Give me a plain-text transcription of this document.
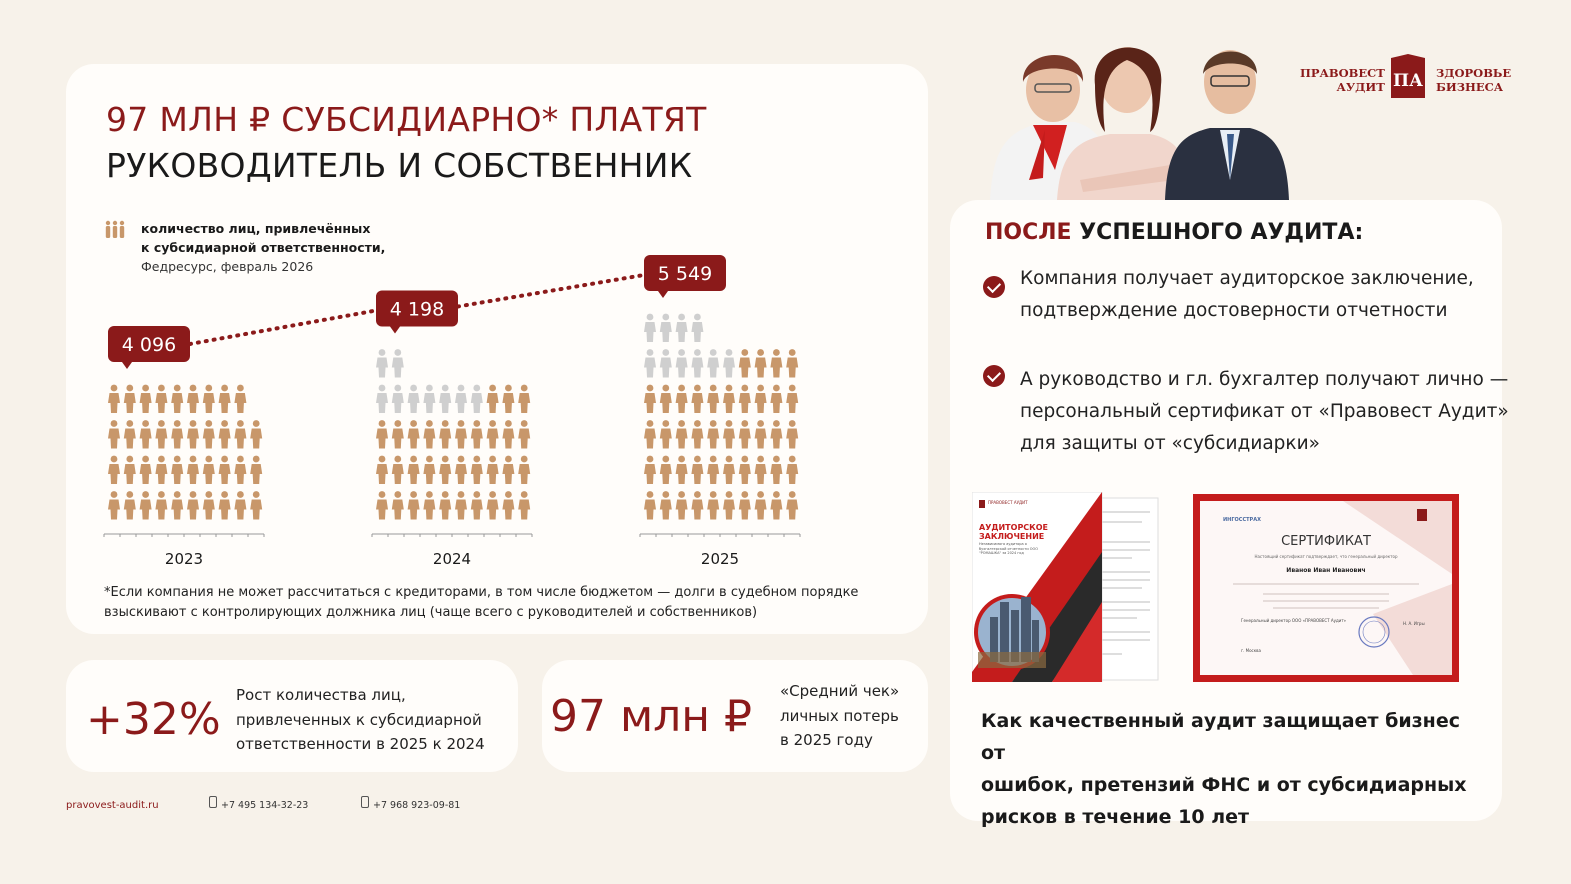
97 МЛН ₽ СУБСИДИАРНО* ПЛАТЯТ
РУКОВОДИТЕЛЬ И СОБСТВЕННИК
количество лиц, привлечённых
к субсидиарной ответственности,
Федресурс, февраль 2026
2023	2024	2025
4 096
4 198
5 549
*Если компания не может рассчитаться с кредиторами, в том числе бюджетом — долги в судебном порядке взыскивают с контролирующих должника лиц (чаще всего с руководителей и собственников)
+32% Рост количества лиц,
привлеченных к субсидиарной
ответственности в 2025 к 2024
97 млн ₽ «Средний чек»
личных потерь
в 2025 году
pravovest-audit.ru	+7 495 134-32-23	+7 968 923-09-81
ПРАВОВЕСТ
АУДИТ ПА ЗДОРОВЬЕ
БИЗНЕСА
ПОСЛЕ УСПЕШНОГО АУДИТА:
Компания получает аудиторское заключение,
подтверждение достоверности отчетности
А руководство и гл. бухгалтер получают лично —
персональный сертификат от «Правовест Аудит»
для защиты от «субсидиарки»
ПРАВОВЕСТ АУДИТ
АУДИТОРСКОЕ
ЗАКЛЮЧЕНИЕ
Независимого аудитора о бухгалтерской отчетности ООО "РОМАШКА" за 2024 год
ИНГОССТРАХ
СЕРТИФИКАТ
Настоящий сертификат подтверждает, что генеральный директор
Иванов Иван Иванович
Генеральный директор ООО «ПРАВОВЕСТ Аудит»
Н. А. Игры
г. Москва
Как качественный аудит защищает бизнес от
ошибок, претензий ФНС и от субсидиарных
рисков в течение 10 лет
